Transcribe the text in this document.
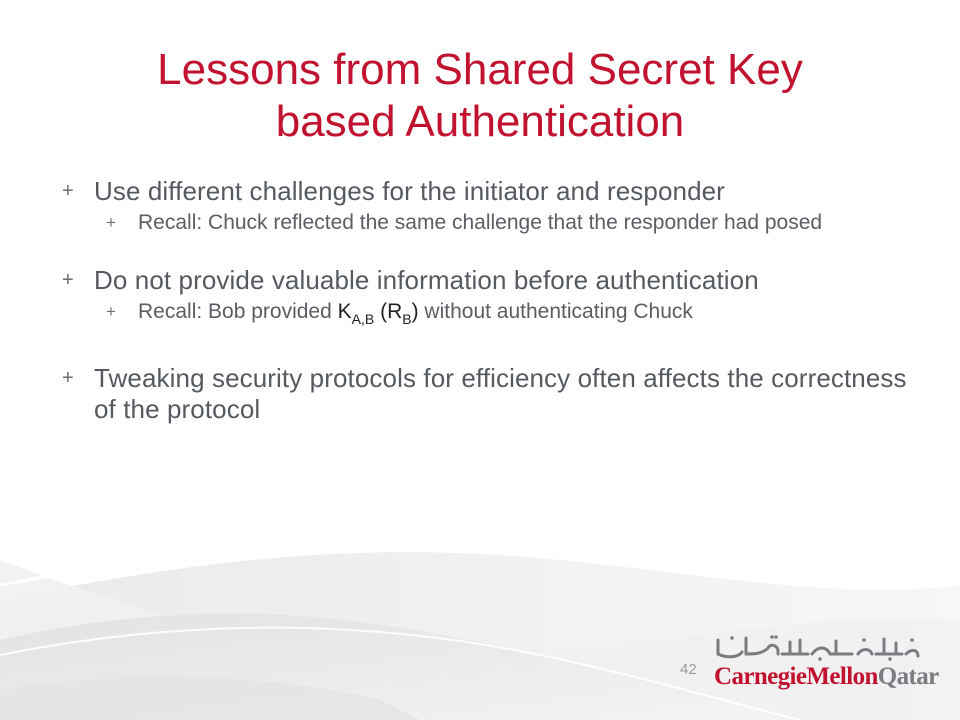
Lessons from Shared Secret Key
based Authentication
+ Use different challenges for the initiator and responder
+ Recall: Chuck reflected the same challenge that the responder had posed
+ Do not provide valuable information before authentication
+ Recall: Bob provided $K_{A,B}$ $(R_B)$ without authenticating Chuck
+ Tweaking security protocols for efficiency often affects the correctness of the protocol
42 CarnegieMellonQatar
